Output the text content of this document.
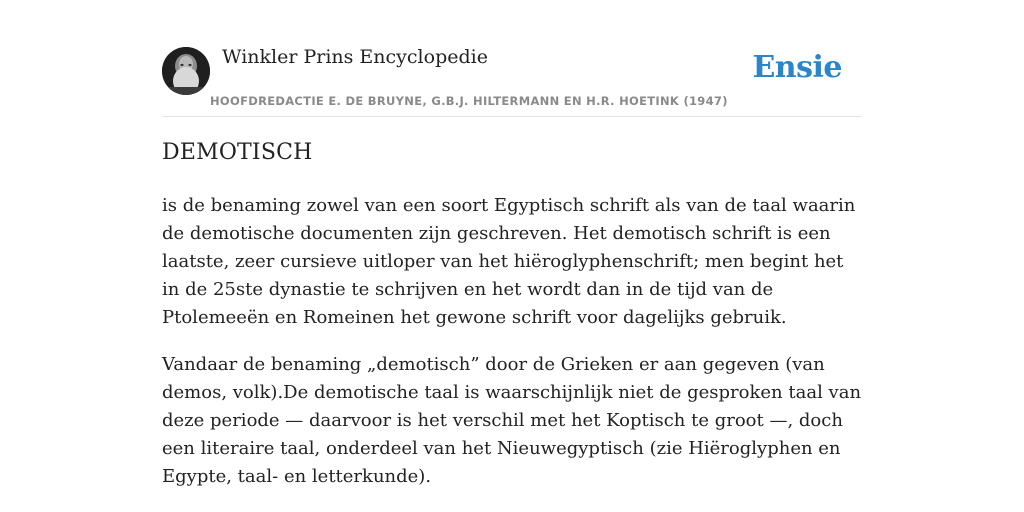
Winkler Prins Encyclopedie
HOOFDREDACTIE E. DE BRUYNE, G.B.J. HILTERMANN EN H.R. HOETINK (1947)
Ensie
DEMOTISCH

is de benaming zowel van een soort Egyptisch schrift als van de taal waarin de demotische documenten zijn geschreven. Het demotisch schrift is een laatste, zeer cursieve uitloper van het hiëroglyphenschrift; men begint het in de 25ste dynastie te schrijven en het wordt dan in de tijd van de Ptolemeeën en Romeinen het gewone schrift voor dagelijks gebruik.

Vandaar de benaming „demotisch” door de Grieken er aan gegeven (van demos, volk).De demotische taal is waarschijnlijk niet de gesproken taal van deze periode — daarvoor is het verschil met het Koptisch te groot —, doch een literaire taal, onderdeel van het Nieuwegyptisch (zie Hiëroglyphen en Egypte, taal- en letterkunde).
